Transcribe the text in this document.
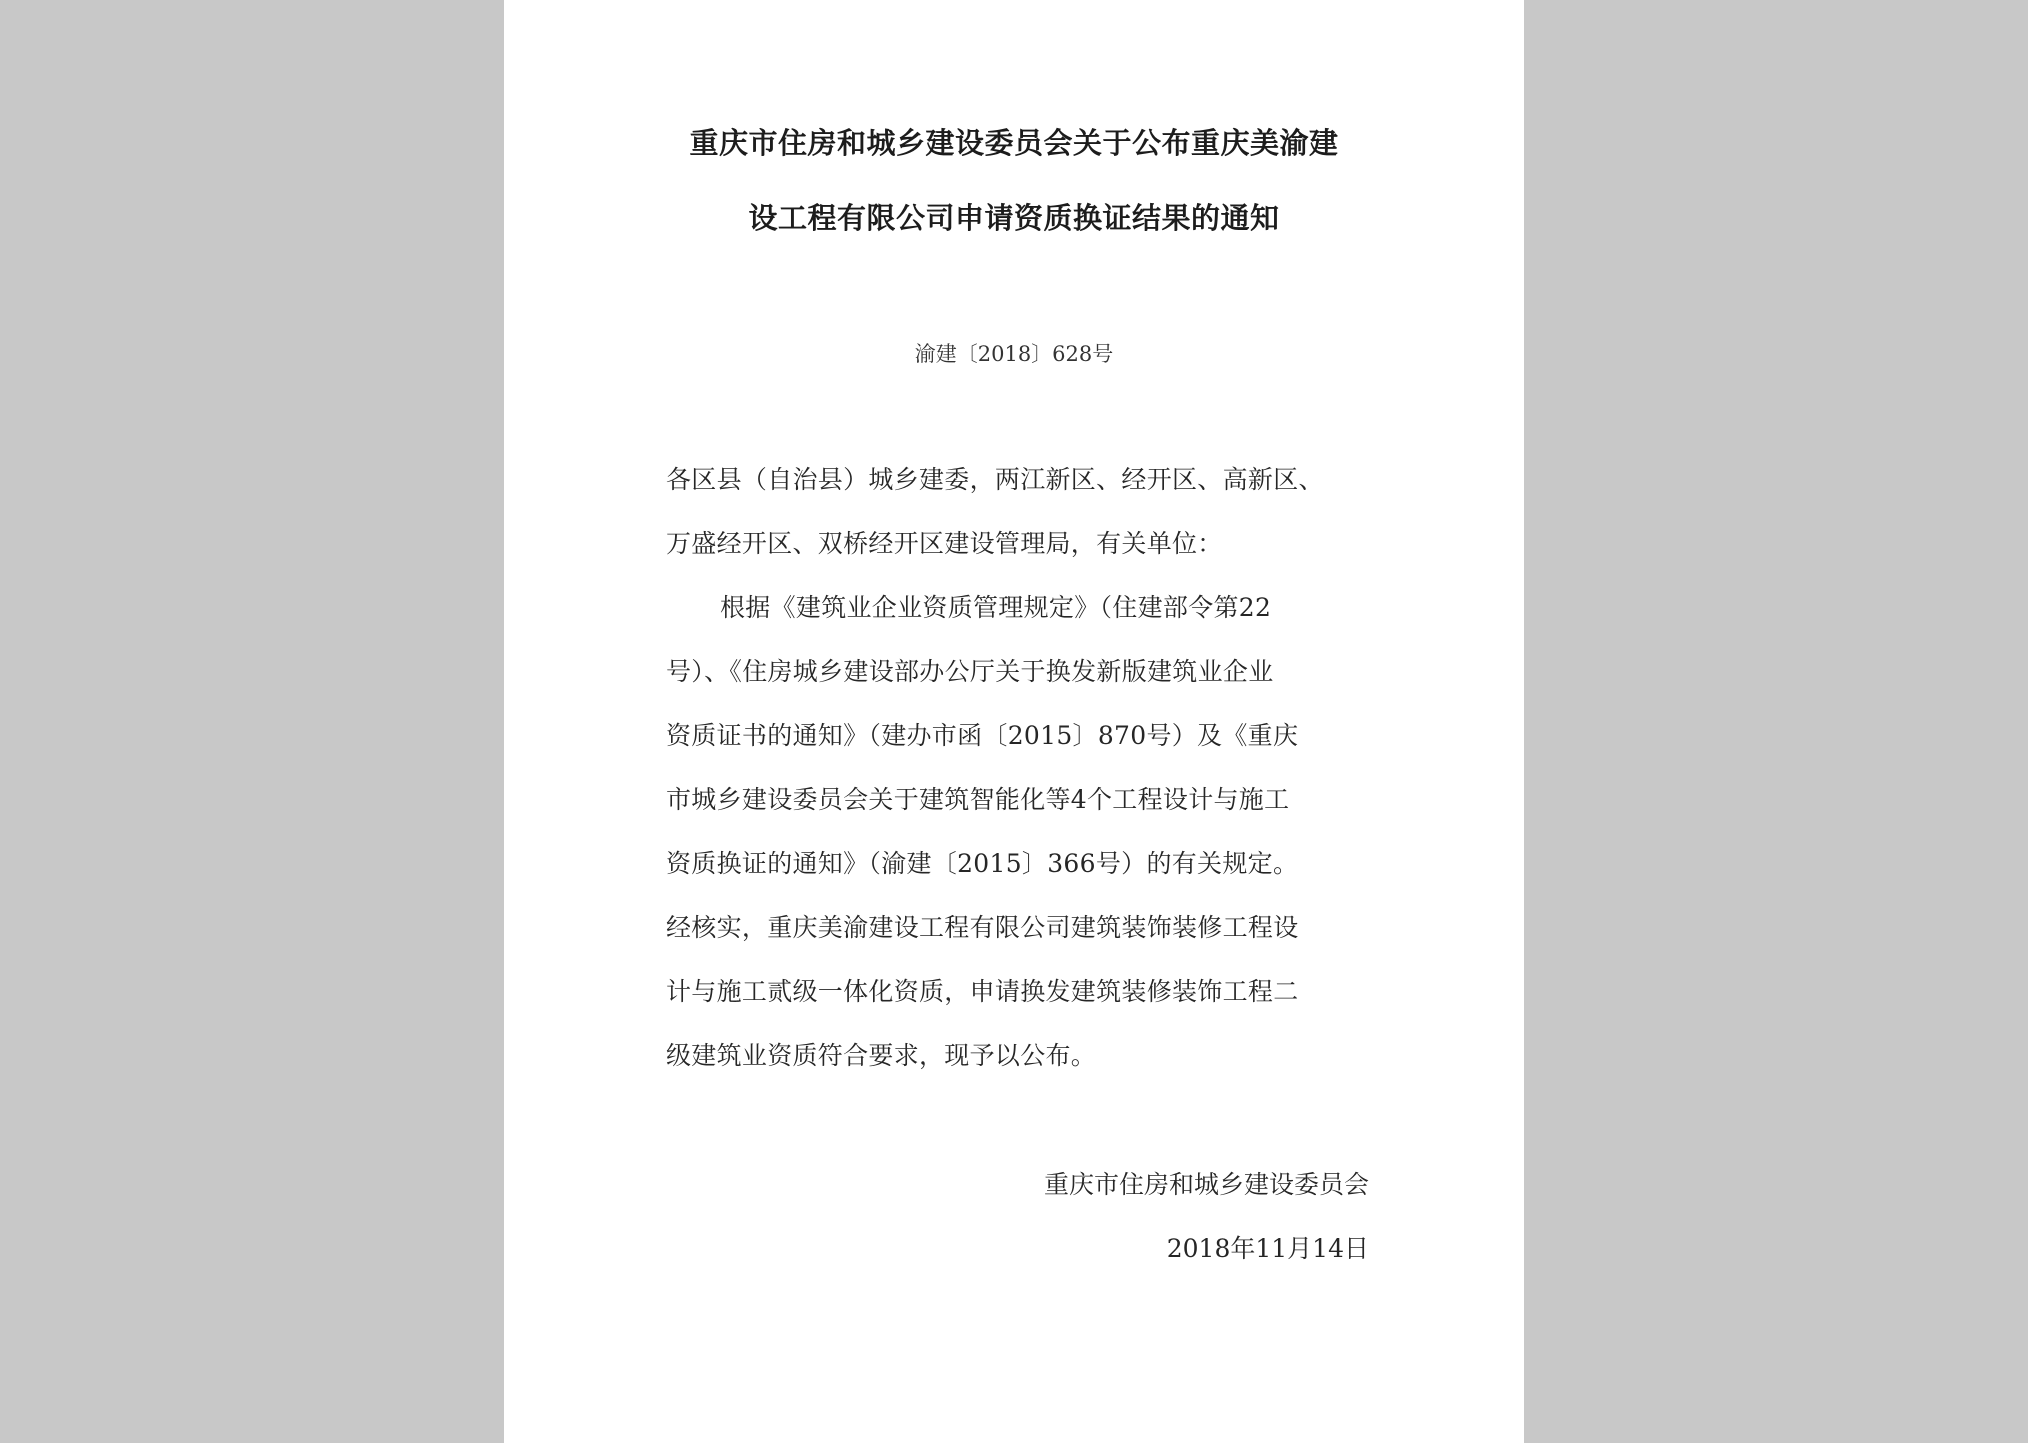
重庆市住房和城乡建设委员会关于公布重庆美渝建
设工程有限公司申请资质换证结果的通知

渝建〔2018〕628号

各区县（自治县）城乡建委，两江新区、经开区、高新区、

万盛经开区、双桥经开区建设管理局，有关单位：

根据《建筑业企业资质管理规定》（住建部令第22

号）、《住房城乡建设部办公厅关于换发新版建筑业企业

资质证书的通知》（建办市函〔2015〕870号）及《重庆

市城乡建设委员会关于建筑智能化等4个工程设计与施工

资质换证的通知》（渝建〔2015〕366号）的有关规定。

经核实，重庆美渝建设工程有限公司建筑装饰装修工程设

计与施工贰级一体化资质，申请换发建筑装修装饰工程二

级建筑业资质符合要求，现予以公布。

重庆市住房和城乡建设委员会

2018年11月14日
